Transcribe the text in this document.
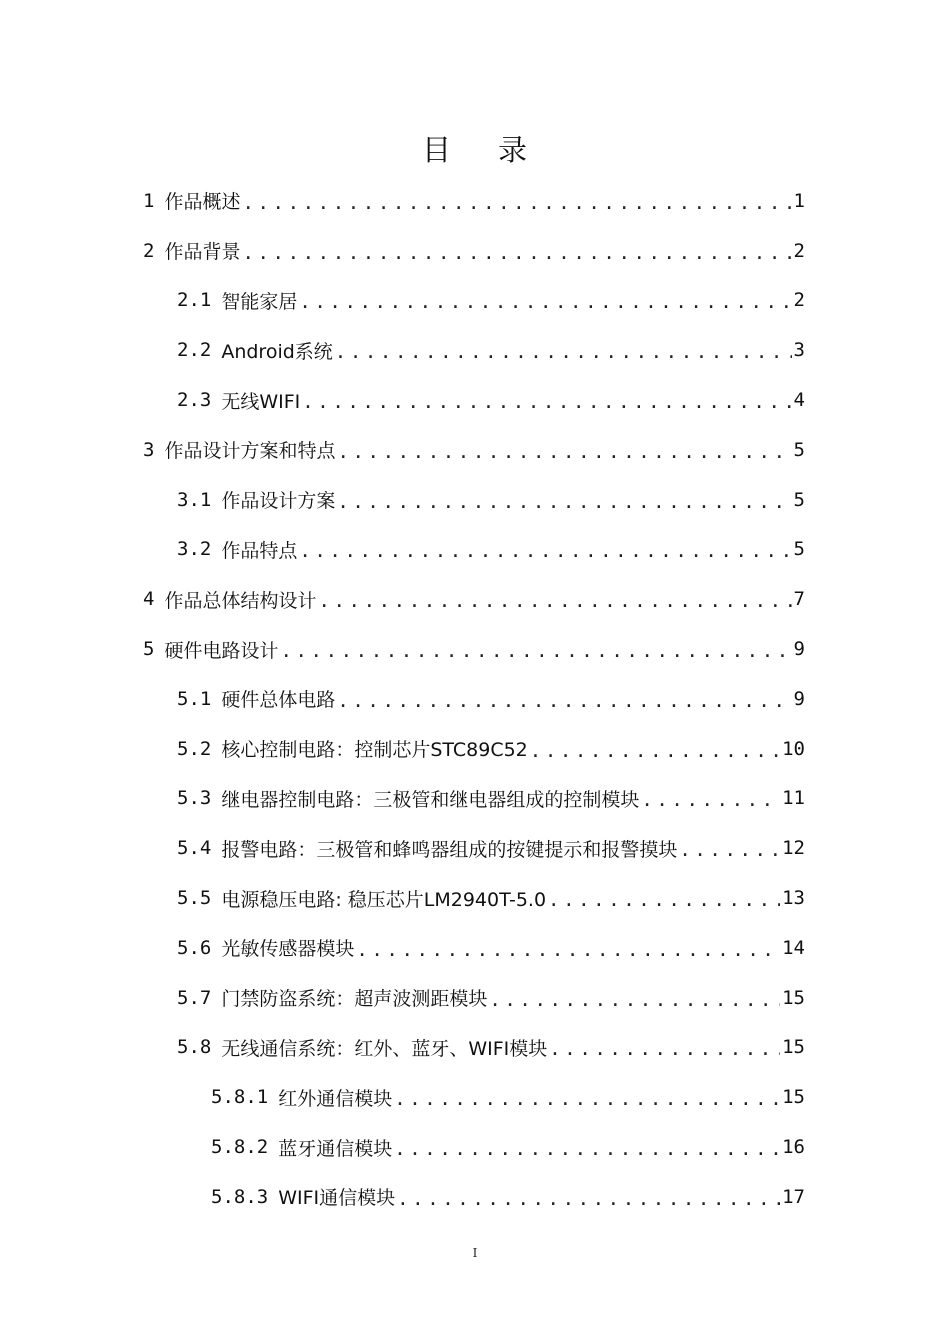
目 录
1 作品概述 .....	1
2 作品背景 .....	2
2.1 智能家居 .....	2
2.2 Android系统 .....	3
2.3 无线WIFI .....	4
3 作品设计方案和特点 .....	5
3.1 作品设计方案 .....	5
3.2 作品特点 .....	5
4 作品总体结构设计 .....	7
5 硬件电路设计 .....	9
5.1 硬件总体电路 .....	9
5.2 核心控制电路：控制芯片STC89C52 .....	10
5.3 继电器控制电路：三极管和继电器组成的控制模块 .....	11
5.4 报警电路：三极管和蜂鸣器组成的按键提示和报警摸块 .....	12
5.5 电源稳压电路: 稳压芯片LM2940T-5.0 .....	13
5.6 光敏传感器模块 .....	14
5.7 门禁防盗系统：超声波测距模块 .....	15
5.8 无线通信系统：红外、蓝牙、WIFI模块 .....	15
5.8.1 红外通信模块 .....	15
5.8.2 蓝牙通信模块 .....	16
5.8.3 WIFI通信模块 .....	17
I
